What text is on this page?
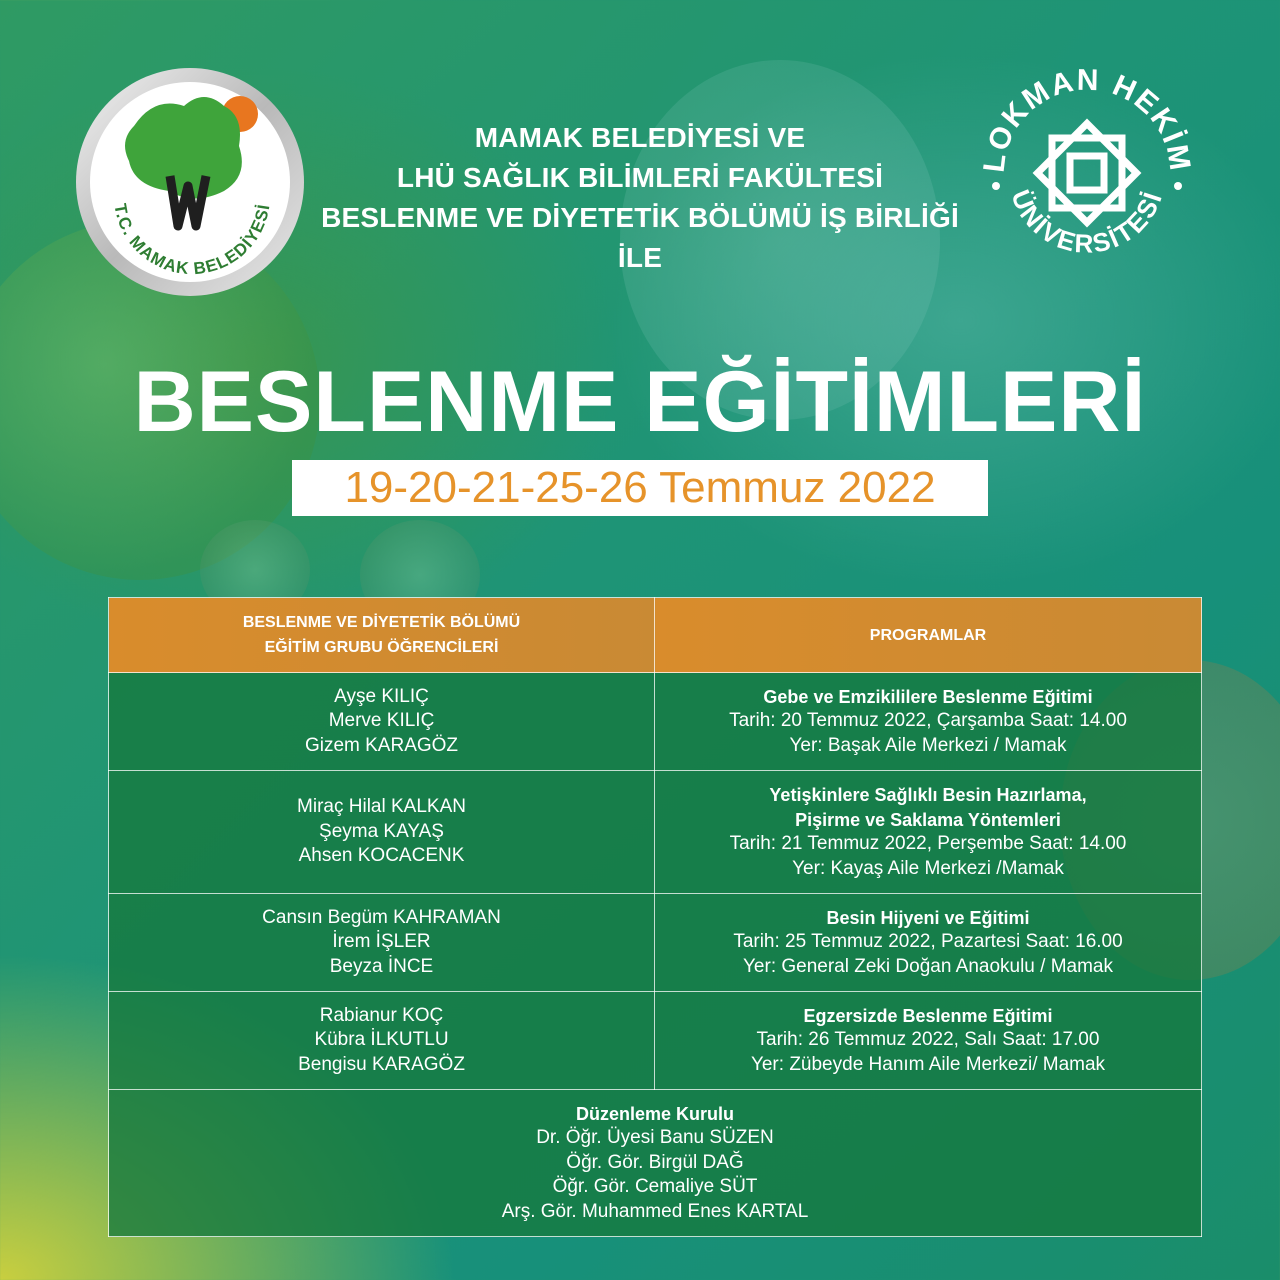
T.C. MAMAK BELEDİYESİ
LOKMAN HEKİM
ÜNİVERSİTESİ
MAMAK BELEDİYESİ VE
LHÜ SAĞLIK BİLİMLERİ FAKÜLTESİ
BESLENME VE DİYETETİK BÖLÜMÜ İŞ BİRLİĞİ İLE
BESLENME EĞİTİMLERİ
19-20-21-25-26 Temmuz 2022
BESLENME VE DİYETETİK BÖLÜMÜ
EĞİTİM GRUBU ÖĞRENCİLERİ	PROGRAMLAR

Ayşe KILIÇ
Merve KILIÇ
Gizem KARAGÖZ	Gebe ve Emzikililere Beslenme Eğitimi
Tarih: 20 Temmuz 2022, Çarşamba Saat: 14.00
Yer: Başak Aile Merkezi / Mamak

Miraç Hilal KALKAN
Şeyma KAYAŞ
Ahsen KOCACENK	Yetişkinlere Sağlıklı Besin Hazırlama,
Pişirme ve Saklama Yöntemleri
Tarih: 21 Temmuz 2022, Perşembe Saat: 14.00
Yer: Kayaş Aile Merkezi /Mamak

Cansın Begüm KAHRAMAN
İrem İŞLER
Beyza İNCE	Besin Hijyeni ve Eğitimi
Tarih: 25 Temmuz 2022, Pazartesi Saat: 16.00
Yer: General Zeki Doğan Anaokulu / Mamak

Rabianur KOÇ
Kübra İLKUTLU
Bengisu KARAGÖZ	Egzersizde Beslenme Eğitimi
Tarih: 26 Temmuz 2022, Salı Saat: 17.00
Yer: Zübeyde Hanım Aile Merkezi/ Mamak

Düzenleme Kurulu
Dr. Öğr. Üyesi Banu SÜZEN
Öğr. Gör. Birgül DAĞ
Öğr. Gör. Cemaliye SÜT
Arş. Gör. Muhammed Enes KARTAL	
